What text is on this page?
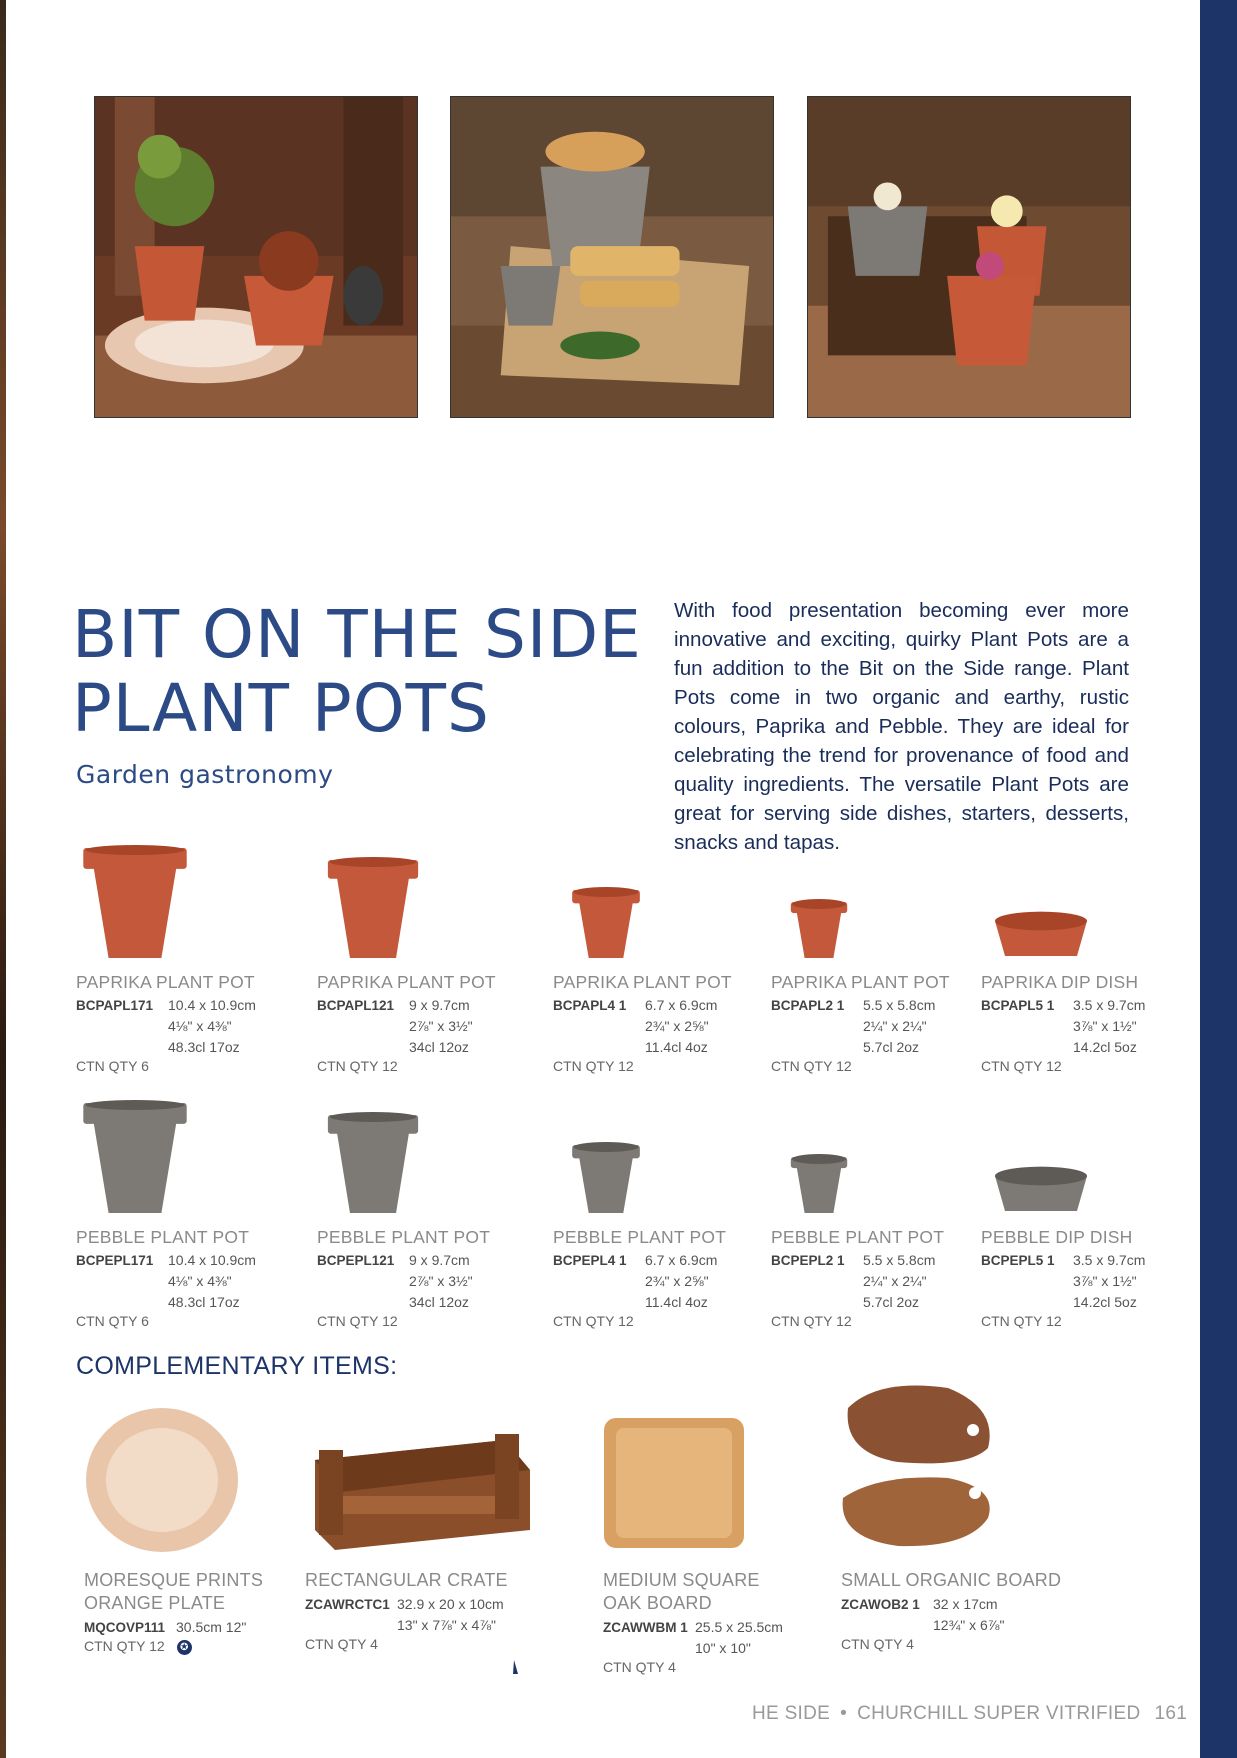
BIT ON THE SIDE
PLANT POTS
Garden gastronomy
With food presentation becoming ever more innovative and exciting, quirky Plant Pots are a fun addition to the Bit on the Side range. Plant Pots come in two organic and earthy, rustic colours, Paprika and Pebble. They are ideal for celebrating the trend for provenance of food and quality ingredients. The versatile Plant Pots are great for serving side dishes, starters, desserts, snacks and tapas.
PAPRIKA PLANT POT
BCPAPL171	10.4 x 10.9cm
4⅛" x 4⅜"
48.3cl 17oz
CTN QTY 6
PAPRIKA PLANT POT
BCPAPL121	9 x 9.7cm
2⅞" x 3½"
34cl 12oz
CTN QTY 12
PAPRIKA PLANT POT
BCPAPL4 1	6.7 x 6.9cm
2¾" x 2⅝"
11.4cl 4oz
CTN QTY 12
PAPRIKA PLANT POT
BCPAPL2 1	5.5 x 5.8cm
2¼" x 2¼"
5.7cl 2oz
CTN QTY 12
PAPRIKA DIP DISH
BCPAPL5 1	3.5 x 9.7cm
3⅞" x 1½"
14.2cl 5oz
CTN QTY 12
PEBBLE PLANT POT
BCPEPL171	10.4 x 10.9cm
4⅛" x 4⅜"
48.3cl 17oz
CTN QTY 6
PEBBLE PLANT POT
BCPEPL121	9 x 9.7cm
2⅞" x 3½"
34cl 12oz
CTN QTY 12
PEBBLE PLANT POT
BCPEPL4 1	6.7 x 6.9cm
2¾" x 2⅝"
11.4cl 4oz
CTN QTY 12
PEBBLE PLANT POT
BCPEPL2 1	5.5 x 5.8cm
2¼" x 2¼"
5.7cl 2oz
CTN QTY 12
PEBBLE DIP DISH
BCPEPL5 1	3.5 x 9.7cm
3⅞" x 1½"
14.2cl 5oz
CTN QTY 12
COMPLEMENTARY ITEMS:
MORESQUE PRINTS
ORANGE PLATE
MQCOVP111 30.5cm 12"
CTN QTY 12 ✪
RECTANGULAR CRATE
ZCAWRCTC1 32.9 x 20 x 10cm
13" x 7⅞" x 4⅞"
CTN QTY 4
MEDIUM SQUARE
OAK BOARD
ZCAWWBM 1 25.5 x 25.5cm
10" x 10"
CTN QTY 4
SMALL ORGANIC BOARD
ZCAWOB2 1 32 x 17cm
12¾" x 6⅞"
CTN QTY 4
HE SIDE • CHURCHILL SUPER VITRIFIED 161
